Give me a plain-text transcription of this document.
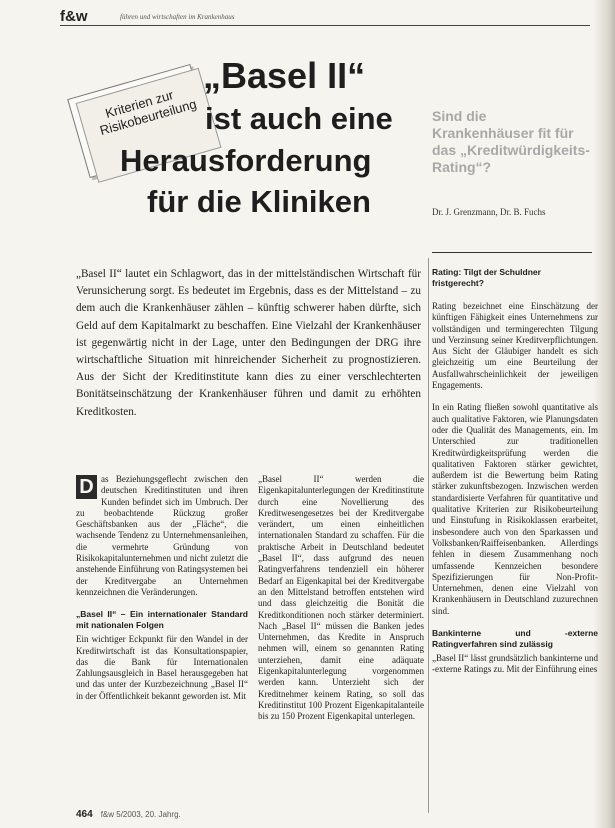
f&w	führen und wirtschaften im Krankenhaus
Kriterien zur Risikobeurteilung
„Basel II“
ist auch eine
Herausforderung
für die Kliniken
Sind die Krankenhäuser fit für das „Kreditwürdigkeits-Rating“?
Dr. J. Grenzmann, Dr. B. Fuchs
„Basel II“ lautet ein Schlagwort, das in der mittelständischen Wirtschaft für Verunsicherung sorgt. Es bedeutet im Ergebnis, dass es der Mittelstand – zu dem auch die Krankenhäuser zählen – künftig schwerer haben dürfte, sich Geld auf dem Kapitalmarkt zu beschaffen. Eine Vielzahl der Krankenhäuser ist gegenwärtig nicht in der Lage, unter den Bedingungen der DRG ihre wirtschaftliche Situation mit hinreichender Sicherheit zu prognostizieren. Aus der Sicht der Kreditinstitute kann dies zu einer verschlechterten Bonitätseinschätzung der Krankenhäuser führen und damit zu erhöhten Kreditkosten.
D as Beziehungsgeflecht zwischen den deutschen Kreditinstituten und ihren Kunden befindet sich im Umbruch. Der zu beobachtende Rückzug großer Geschäftsbanken aus der „Fläche“, die wachsende Tendenz zu Unternehmensanleihen, die vermehrte Gründung von Risikokapitalunternehmen und nicht zuletzt die anstehende Einführung von Ratingsystemen bei der Kreditvergabe an Unternehmen kennzeichnen die Veränderungen.
„Basel II“ – Ein internationaler Standard mit nationalen Folgen
Ein wichtiger Eckpunkt für den Wandel in der Kreditwirtschaft ist das Konsultationspapier, das die Bank für Internationalen Zahlungsausgleich in Basel herausgegeben hat und das unter der Kurzbezeichnung „Basel II“ in der Öffentlichkeit bekannt geworden ist. Mit
„Basel II“ werden die Eigenkapitalunterlegungen der Kreditinstitute durch eine Novellierung des Kreditwesengesetzes bei der Kreditvergabe verändert, um einen einheitlichen internationalen Standard zu schaffen. Für die praktische Arbeit in Deutschland bedeutet „Basel II“, dass aufgrund des neuen Ratingverfahrens tendenziell ein höherer Bedarf an Eigenkapital bei der Kreditvergabe an den Mittelstand betroffen entstehen wird und dass gleichzeitig die Bonität die Kreditkonditionen noch stärker determiniert. Nach „Basel II“ müssen die Banken jedes Unternehmen, das Kredite in Anspruch nehmen will, einem so genannten Rating unterziehen, damit eine adäquate Eigenkapitalunterlegung vorgenommen werden kann. Unterzieht sich der Kreditnehmer keinem Rating, so soll das Kreditinstitut 100 Prozent Eigenkapitalanteile bis zu 150 Prozent Eigenkapital unterlegen.
Rating: Tilgt der Schuldner fristgerecht?
Rating bezeichnet eine Einschätzung der künftigen Fähigkeit eines Unternehmens zur vollständigen und termingerechten Tilgung und Verzinsung seiner Kreditverpflichtungen. Aus Sicht der Gläubiger handelt es sich gleichzeitig um eine Beurteilung der Ausfallwahrscheinlichkeit der jeweiligen Engagements.
In ein Rating fließen sowohl quantitative als auch qualitative Faktoren, wie Planungsdaten oder die Qualität des Managements, ein. Im Unterschied zur traditionellen Kreditwürdigkeitsprüfung werden die qualitativen Faktoren stärker gewichtet, außerdem ist die Bewertung beim Rating stärker zukunftsbezogen. Inzwischen werden standardisierte Verfahren für quantitative und qualitative Kriterien zur Risikobeurteilung und Einstufung in Risikoklassen erarbeitet, insbesondere auch von den Sparkassen und Volksbanken/Raiffeisenbanken. Allerdings fehlen in diesem Zusammenhang noch umfassende Kennzeichen besondere Spezifizierungen für Non-Profit-Unternehmen, denen eine Vielzahl von Krankenhäusern in Deutschland zuzurechnen sind.
Bankinterne und -externe Ratingverfahren sind zulässig
„Basel II“ lässt grundsätzlich bankinterne und -externe Ratings zu. Mit der Einführung eines
464 f&w 5/2003, 20. Jahrg.
